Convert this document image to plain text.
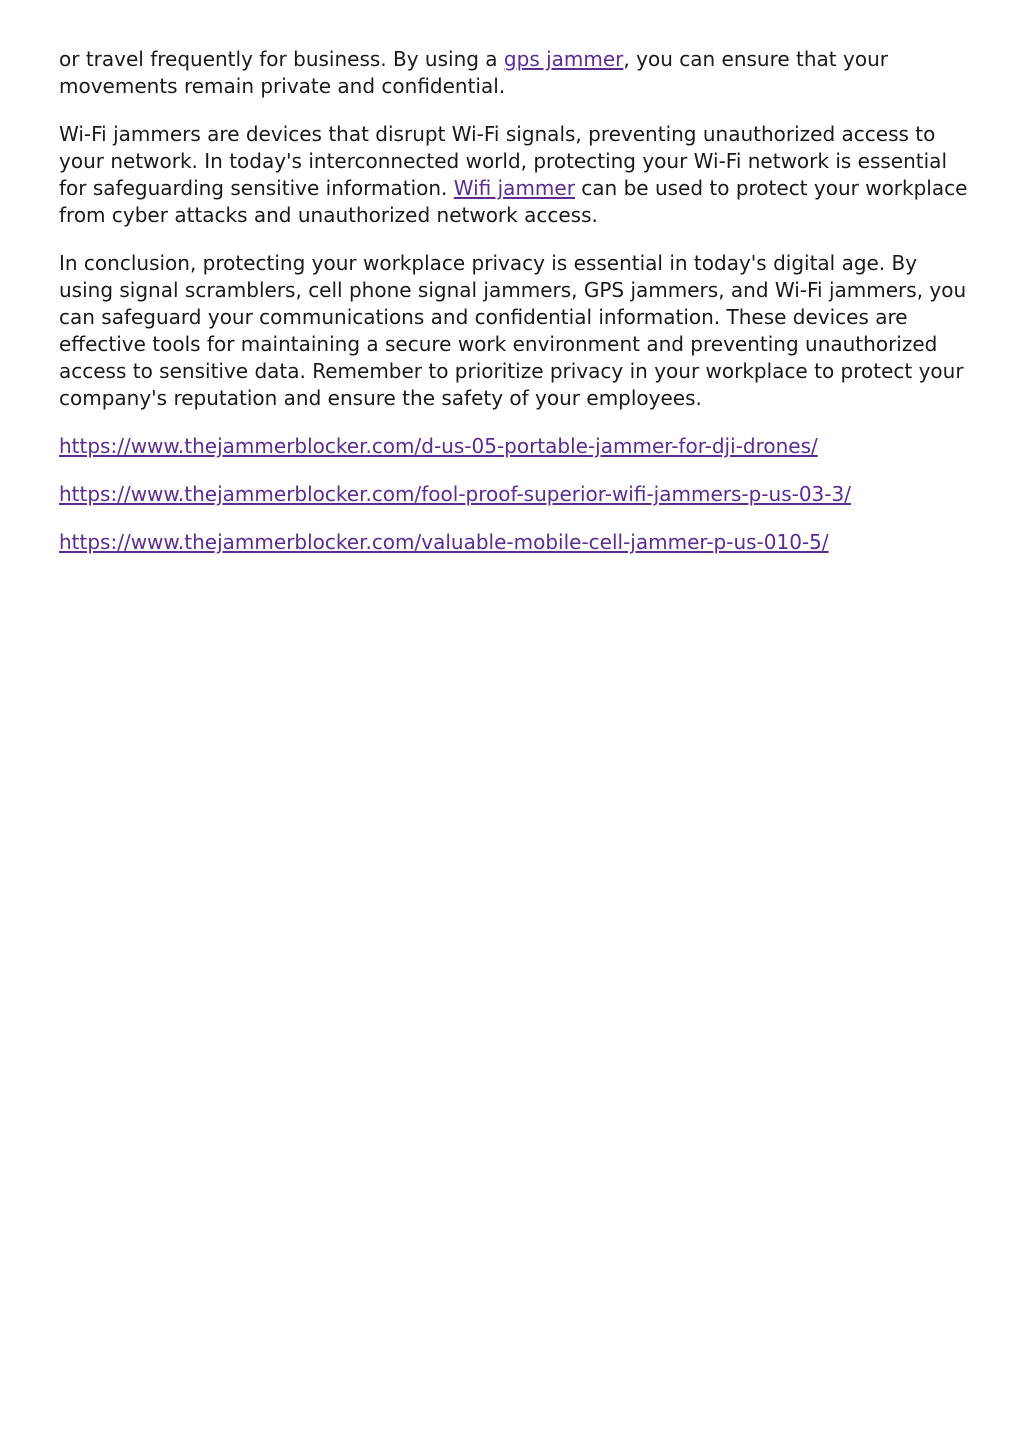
or travel frequently for business. By using a gps jammer, you can ensure that your movements remain private and confidential.

Wi-Fi jammers are devices that disrupt Wi-Fi signals, preventing unauthorized access to your network. In today's interconnected world, protecting your Wi-Fi network is essential for safeguarding sensitive information. Wifi jammer can be used to protect your workplace from cyber attacks and unauthorized network access.

In conclusion, protecting your workplace privacy is essential in today's digital age. By using signal scramblers, cell phone signal jammers, GPS jammers, and Wi-Fi jammers, you can safeguard your communications and confidential information. These devices are effective tools for maintaining a secure work environment and preventing unauthorized access to sensitive data. Remember to prioritize privacy in your workplace to protect your company's reputation and ensure the safety of your employees.

https://www.thejammerblocker.com/d-us-05-portable-jammer-for-dji-drones/

https://www.thejammerblocker.com/fool-proof-superior-wifi-jammers-p-us-03-3/

https://www.thejammerblocker.com/valuable-mobile-cell-jammer-p-us-010-5/
